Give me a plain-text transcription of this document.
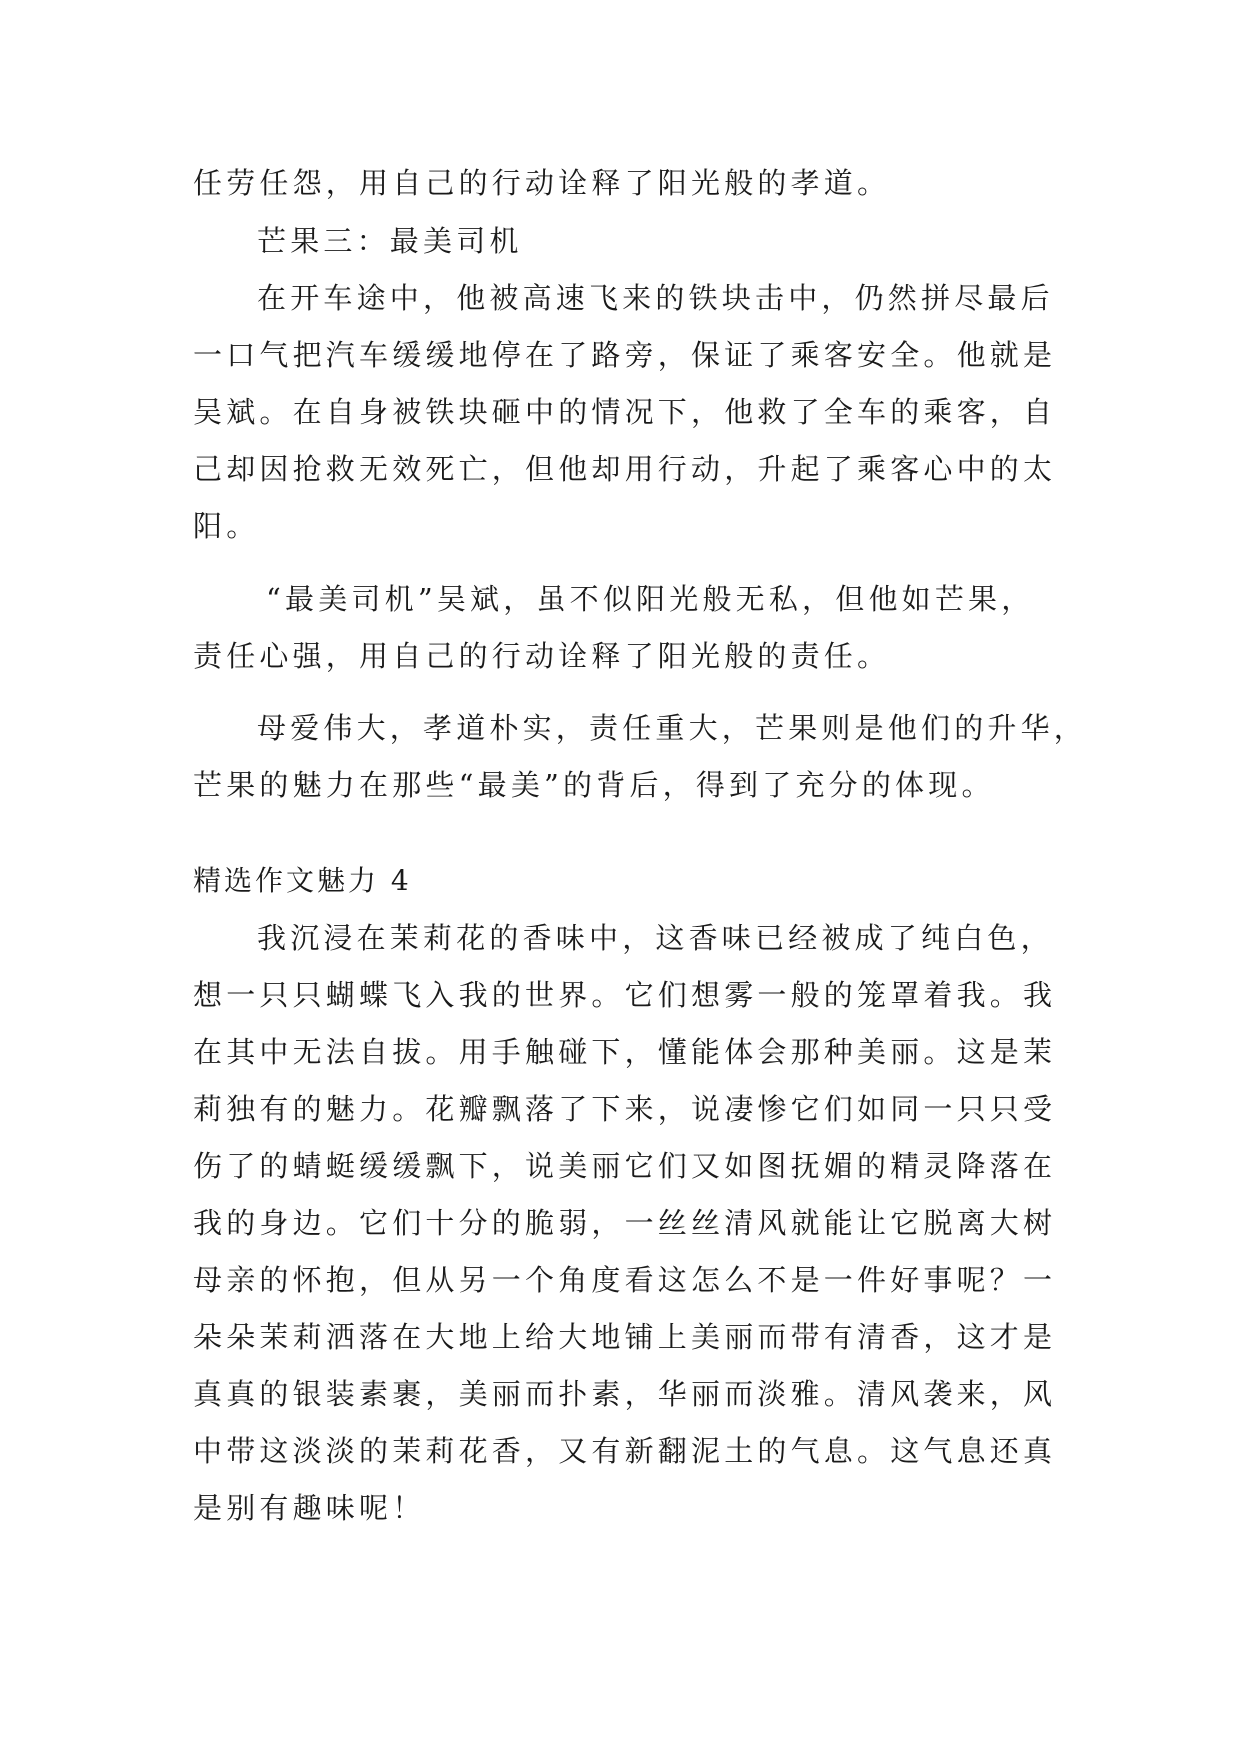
任劳任怨，用自己的行动诠释了阳光般的孝道。
芒果三：最美司机
在开车途中，他被高速飞来的铁块击中，仍然拼尽最后
一口气把汽车缓缓地停在了路旁，保证了乘客安全。他就是
吴斌。在自身被铁块砸中的情况下，他救了全车的乘客，自
己却因抢救无效死亡，但他却用行动，升起了乘客心中的太
阳。
“最美司机”吴斌，虽不似阳光般无私，但他如芒果，
责任心强，用自己的行动诠释了阳光般的责任。
母爱伟大，孝道朴实，责任重大，芒果则是他们的升华，
芒果的魅力在那些“最美”的背后，得到了充分的体现。
精选作文魅力 4
我沉浸在茉莉花的香味中，这香味已经被成了纯白色，
想一只只蝴蝶飞入我的世界。它们想雾一般的笼罩着我。我
在其中无法自拔。用手触碰下，懂能体会那种美丽。这是茉
莉独有的魅力。花瓣飘落了下来，说凄惨它们如同一只只受
伤了的蜻蜓缓缓飘下，说美丽它们又如图抚媚的精灵降落在
我的身边。它们十分的脆弱，一丝丝清风就能让它脱离大树
母亲的怀抱，但从另一个角度看这怎么不是一件好事呢？一
朵朵茉莉洒落在大地上给大地铺上美丽而带有清香，这才是
真真的银装素裹，美丽而扑素，华丽而淡雅。清风袭来，风
中带这淡淡的茉莉花香，又有新翻泥土的气息。这气息还真
是别有趣味呢！
